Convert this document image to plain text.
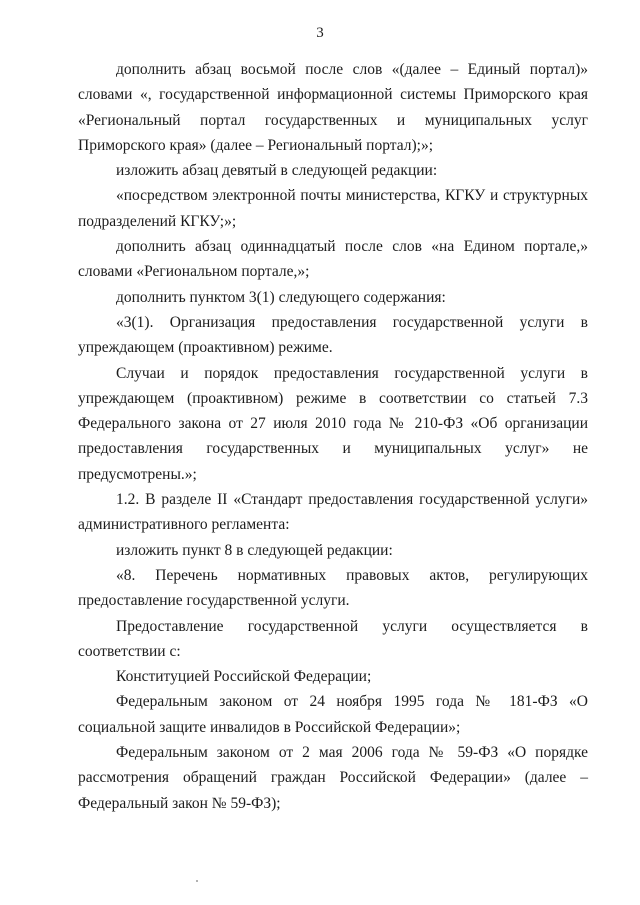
3

дополнить абзац восьмой после слов «(далее – Единый портал)» словами «, государственной информационной системы Приморского края «Региональный портал государственных и муниципальных услуг Приморского края» (далее – Региональный портал);»;

изложить абзац девятый в следующей редакции:

«посредством электронной почты министерства, КГКУ и структурных подразделений КГКУ;»;

дополнить абзац одиннадцатый после слов «на Едином портале,» словами «Региональном портале,»;

дополнить пунктом 3(1) следующего содержания:

«3(1). Организация предоставления государственной услуги в упреждающем (проактивном) режиме.

Случаи и порядок предоставления государственной услуги в упреждающем (проактивном) режиме в соответствии со статьей 7.3 Федерального закона от 27 июля 2010 года № 210-ФЗ «Об организации предоставления государственных и муниципальных услуг» не предусмотрены.»;

1.2. В разделе II «Стандарт предоставления государственной услуги» административного регламента:

изложить пункт 8 в следующей редакции:

«8. Перечень нормативных правовых актов, регулирующих предоставление государственной услуги.

Предоставление государственной услуги осуществляется в соответствии с:

Конституцией Российской Федерации;

Федеральным законом от 24 ноября 1995 года № 181-ФЗ «О социальной защите инвалидов в Российской Федерации»;

Федеральным законом от 2 мая 2006 года № 59-ФЗ «О порядке рассмотрения обращений граждан Российской Федерации» (далее – Федеральный закон № 59-ФЗ);
